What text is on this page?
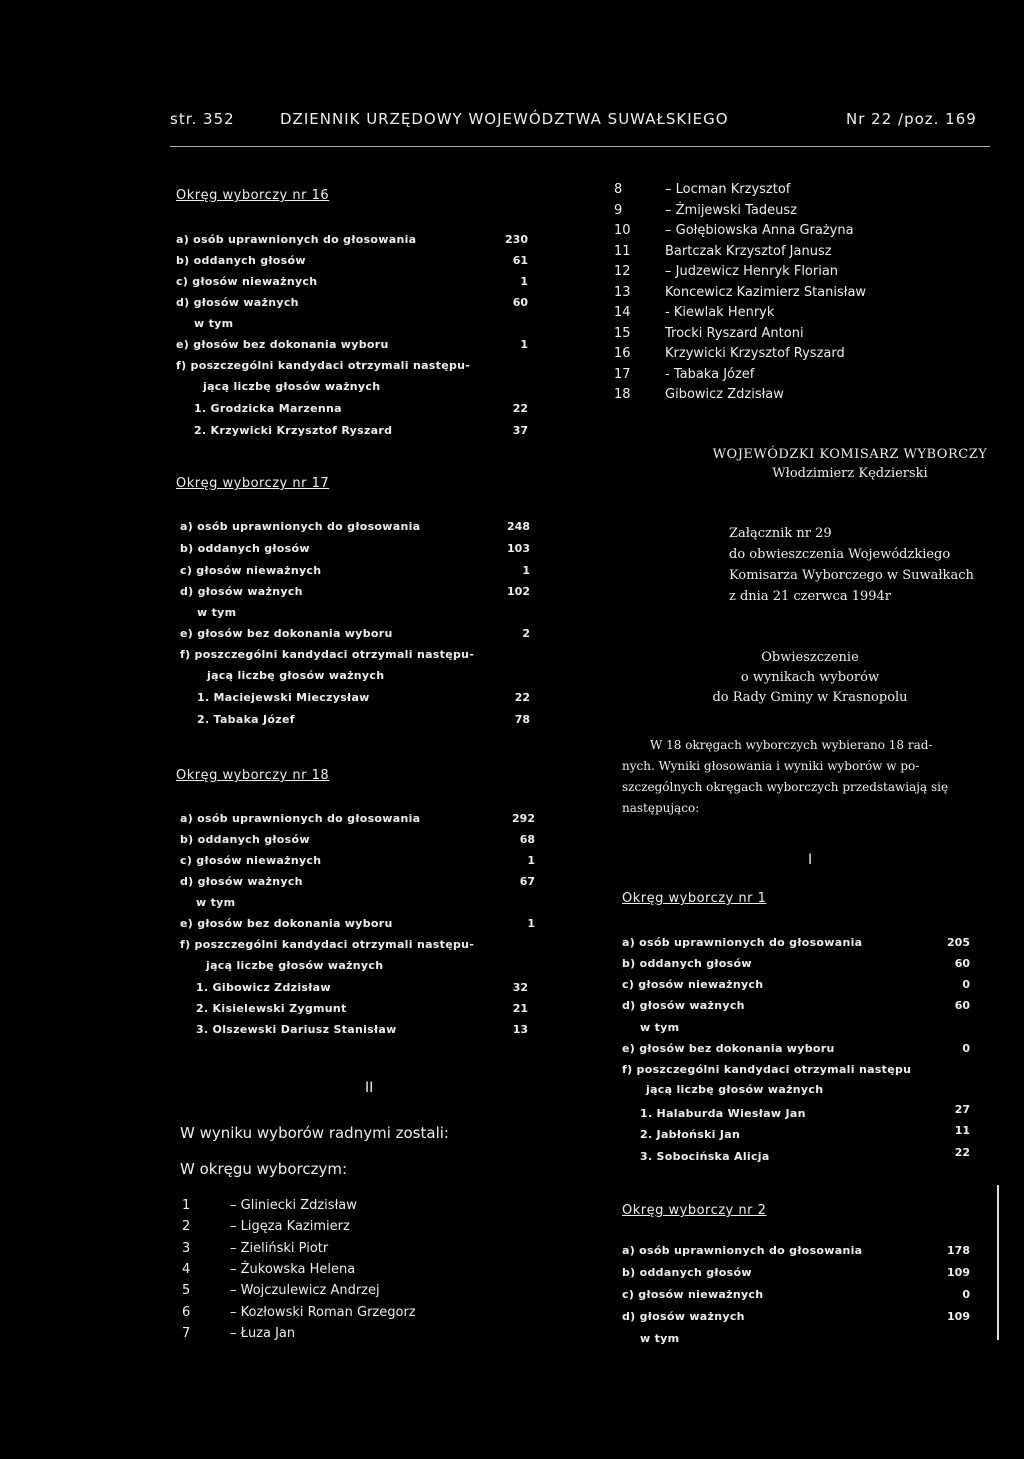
str. 352	DZIENNIK URZĘDOWY WOJEWÓDZTWA SUWAŁSKIEGO	Nr 22 /poz. 169
Okręg wyborczy nr 16
a) osób uprawnionych do głosowania	230
b) oddanych głosów	61
c) głosów nieważnych	1
d) głosów ważnych	60
w tym
e) głosów bez dokonania wyboru	1
f) poszczególni kandydaci otrzymali następu-
jącą liczbę głosów ważnych
1. Grodzicka Marzenna	22
2. Krzywicki Krzysztof Ryszard	37
Okręg wyborczy nr 17
a) osób uprawnionych do głosowania	248
b) oddanych głosów	103
c) głosów nieważnych	1
d) głosów ważnych	102
w tym
e) głosów bez dokonania wyboru	2
f) poszczególni kandydaci otrzymali następu-
jącą liczbę głosów ważnych
1. Maciejewski Mieczysław	22
2. Tabaka Józef	78
Okręg wyborczy nr 18
a) osób uprawnionych do głosowania	292
b) oddanych głosów	68
c) głosów nieważnych	1
d) głosów ważnych	67
w tym
e) głosów bez dokonania wyboru	1
f) poszczególni kandydaci otrzymali następu-
jącą liczbę głosów ważnych
1. Gibowicz Zdzisław	32
2. Kisielewski Zygmunt	21
3. Olszewski Dariusz Stanisław	13
II
W wyniku wyborów radnymi zostali:
W okręgu wyborczym:
1	– Gliniecki Zdzisław
2	– Ligęza Kazimierz
3	– Zieliński Piotr
4	– Żukowska Helena
5	– Wojczulewicz Andrzej
6	– Kozłowski Roman Grzegorz
7	– Łuza Jan
8	– Locman Krzysztof
9	– Żmijewski Tadeusz
10	– Gołębiowska Anna Grażyna
11	Bartczak Krzysztof Janusz
12	– Judzewicz Henryk Florian
13	Koncewicz Kazimierz Stanisław
14	- Kiewlak Henryk
15	Trocki Ryszard Antoni
16	Krzywicki Krzysztof Ryszard
17	- Tabaka Józef
18	Gibowicz Zdzisław
WOJEWÓDZKI KOMISARZ WYBORCZY
Włodzimierz Kędzierski
Załącznik nr 29
do obwieszczenia Wojewódzkiego
Komisarza Wyborczego w Suwałkach
z dnia 21 czerwca 1994r
Obwieszczenie
o wynikach wyborów
do Rady Gminy w Krasnopolu
W 18 okręgach wyborczych wybierano 18 rad-
nych. Wyniki głosowania i wyniki wyborów w po-
szczególnych okręgach wyborczych przedstawiają się
następująco:
I
Okręg wyborczy nr 1
a) osób uprawnionych do głosowania	205
b) oddanych głosów	60
c) głosów nieważnych	0
d) głosów ważnych	60
w tym
e) głosów bez dokonania wyboru	0
f) poszczególni kandydaci otrzymali następu
jącą liczbę głosów ważnych
1. Halaburda Wiesław Jan	27
2. Jabłoński Jan	11
3. Sobocińska Alicja	22
Okręg wyborczy nr 2
a) osób uprawnionych do głosowania	178
b) oddanych głosów	109
c) głosów nieważnych	0
d) głosów ważnych	109
w tym
